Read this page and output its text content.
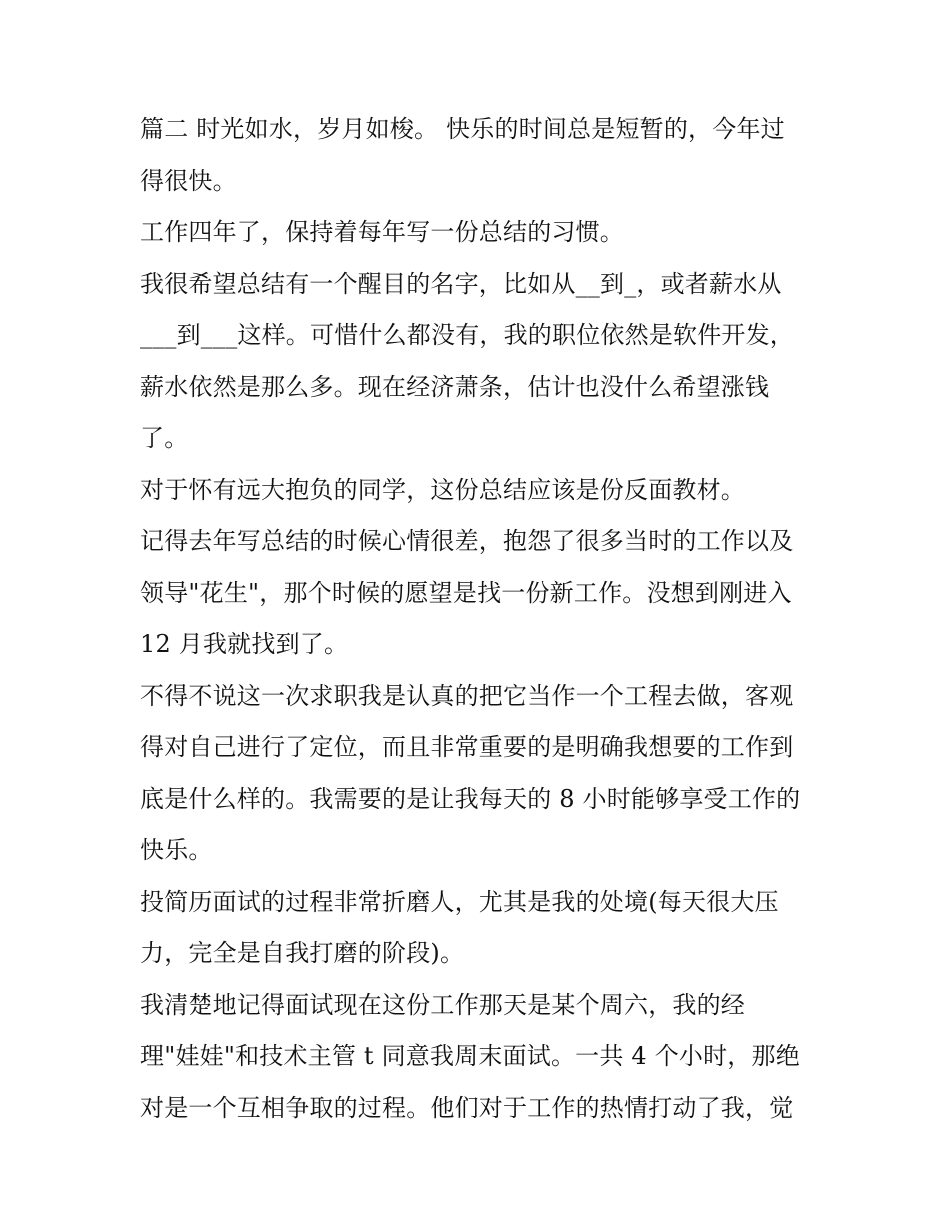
篇二 时光如水，岁月如梭。 快乐的时间总是短暂的，今年过
得很快。
工作四年了，保持着每年写一份总结的习惯。
我很希望总结有一个醒目的名字，比如从__到_，或者薪水从
___到___这样。可惜什么都没有，我的职位依然是软件开发，
薪水依然是那么多。现在经济萧条，估计也没什么希望涨钱
了。
对于怀有远大抱负的同学，这份总结应该是份反面教材。
记得去年写总结的时候心情很差，抱怨了很多当时的工作以及
领导"花生"，那个时候的愿望是找一份新工作。没想到刚进入
12 月我就找到了。
不得不说这一次求职我是认真的把它当作一个工程去做，客观
得对自己进行了定位，而且非常重要的是明确我想要的工作到
底是什么样的。我需要的是让我每天的 8 小时能够享受工作的
快乐。
投简历面试的过程非常折磨人，尤其是我的处境(每天很大压
力，完全是自我打磨的阶段)。
我清楚地记得面试现在这份工作那天是某个周六，我的经
理"娃娃"和技术主管 t 同意我周末面试。一共 4 个小时，那绝
对是一个互相争取的过程。他们对于工作的热情打动了我，觉
